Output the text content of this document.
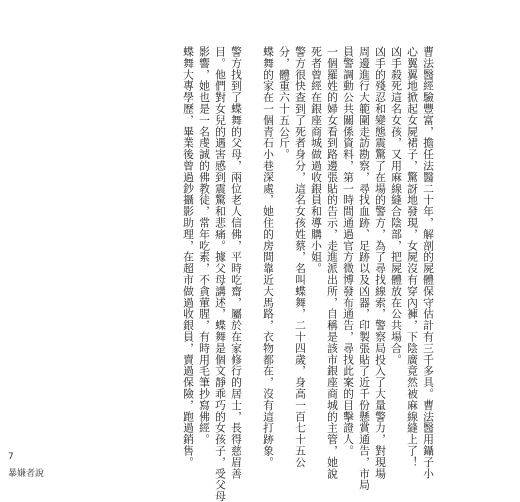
曹法醫經驗豐富，擔任法醫二十年，解剖的屍體保守估計有三千多具。曹法醫用鑷子小
心翼翼地掀起女屍裙子，驚訝地發現，女屍沒有穿內褲，下陰廣竟然被麻線縫上了！
凶手殺死這名女孩，又用麻線縫合陰部，把屍體放在公共場合。
凶手的殘忍和變態震驚了在場的警方，為了尋找線索，警察局投入了大量警力，對現場
周邊進行大範圍走訪勘察，尋找血跡、足跡以及凶器，印製張貼了近千份懸賞通告，市局
員警調動公共關係資料，第一時間通過官方微博發布通告，尋找此案的目擊證人。
一個羅姓的婦女看到路邊張貼的告示，走進派出所，自稱是該市銀座商城的主管，她說
死者曾經在銀座商城做過收銀員和導購小姐。
警方很快查到了死者身分，這名女孩姓蔡，名叫蝶舞，二十四歲，身高一百七十五公
分，體重六十五公斤。
蝶舞的家在一個青石小巷深處，她住的房間靠近大馬路，衣物都在，沒有這打跡象。
警方找到了蝶舞的父母，兩位老人信佛，平時吃齋，屬於在家修行的居士，長得慈眉善
目。他們對女兒的遇害感到震驚和悲痛。據父母講述，蝶舞是個文靜乖巧的女孩子，受父母
影響，她也是一名虔誠的佛教徒，常年吃素，不貪葷腥，有時用毛筆抄寫佛經。
蝶舞大專學歷，畢業後曾過鈔攝影助理，在超市做過收銀員，賣過保險，跑過銷售。
7
暴嫌者說
